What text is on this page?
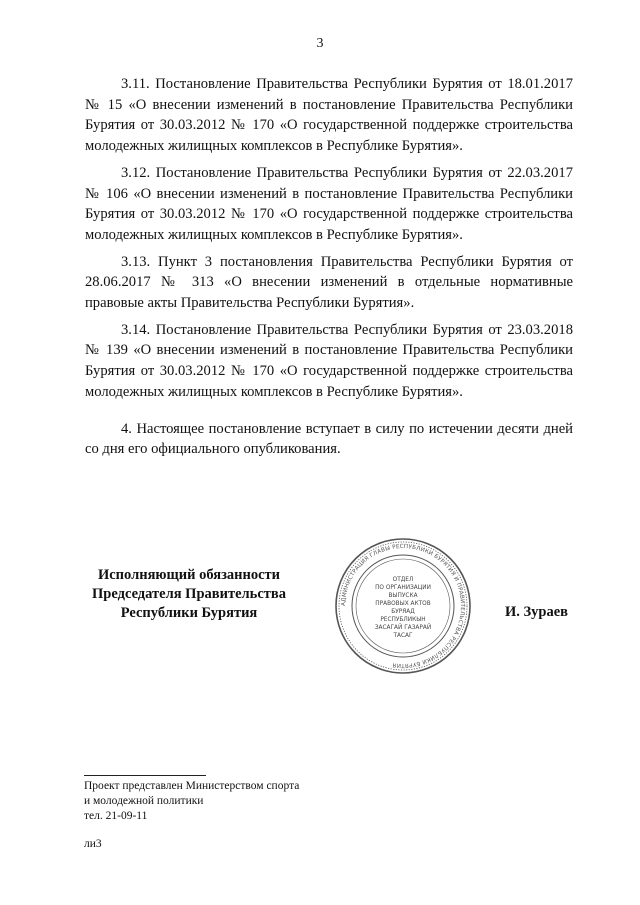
3

3.11. Постановление Правительства Республики Бурятия от 18.01.2017 № 15 «О внесении изменений в постановление Правительства Республики Бурятия от 30.03.2012 № 170 «О государственной поддержке строительства молодежных жилищных комплексов в Республике Бурятия».

3.12. Постановление Правительства Республики Бурятия от 22.03.2017 № 106 «О внесении изменений в постановление Правительства Республики Бурятия от 30.03.2012 № 170 «О государственной поддержке строительства молодежных жилищных комплексов в Республике Бурятия».

3.13. Пункт 3 постановления Правительства Республики Бурятия от 28.06.2017 № 313 «О внесении изменений в отдельные нормативные правовые акты Правительства Республики Бурятия».

3.14. Постановление Правительства Республики Бурятия от 23.03.2018 № 139 «О внесении изменений в постановление Правительства Республики Бурятия от 30.03.2012 № 170 «О государственной поддержке строительства молодежных жилищных комплексов в Республике Бурятия».

4. Настоящее постановление вступает в силу по истечении десяти дней со дня его официального опубликования.

Исполняющий обязанности
Председателя Правительства
Республики Бурятия
АДМИНИСТРАЦИЯ ГЛАВЫ РЕСПУБЛИКИ БУРЯТИЯ И ПРАВИТЕЛЬСТВА РЕСПУБЛИКИ БУРЯТИЯ
ОТДЕЛ
ПО ОРГАНИЗАЦИИ
ВЫПУСКА
ПРАВОВЫХ АКТОВ
БУРЯАД
РЕСПУБЛИКЫН
ЗАСАГАЙ ГАЗАРАЙ
ТАСАГ
И. Зураев
Проект представлен Министерством спорта
и молодежной политики
тел. 21-09-11
ли3
